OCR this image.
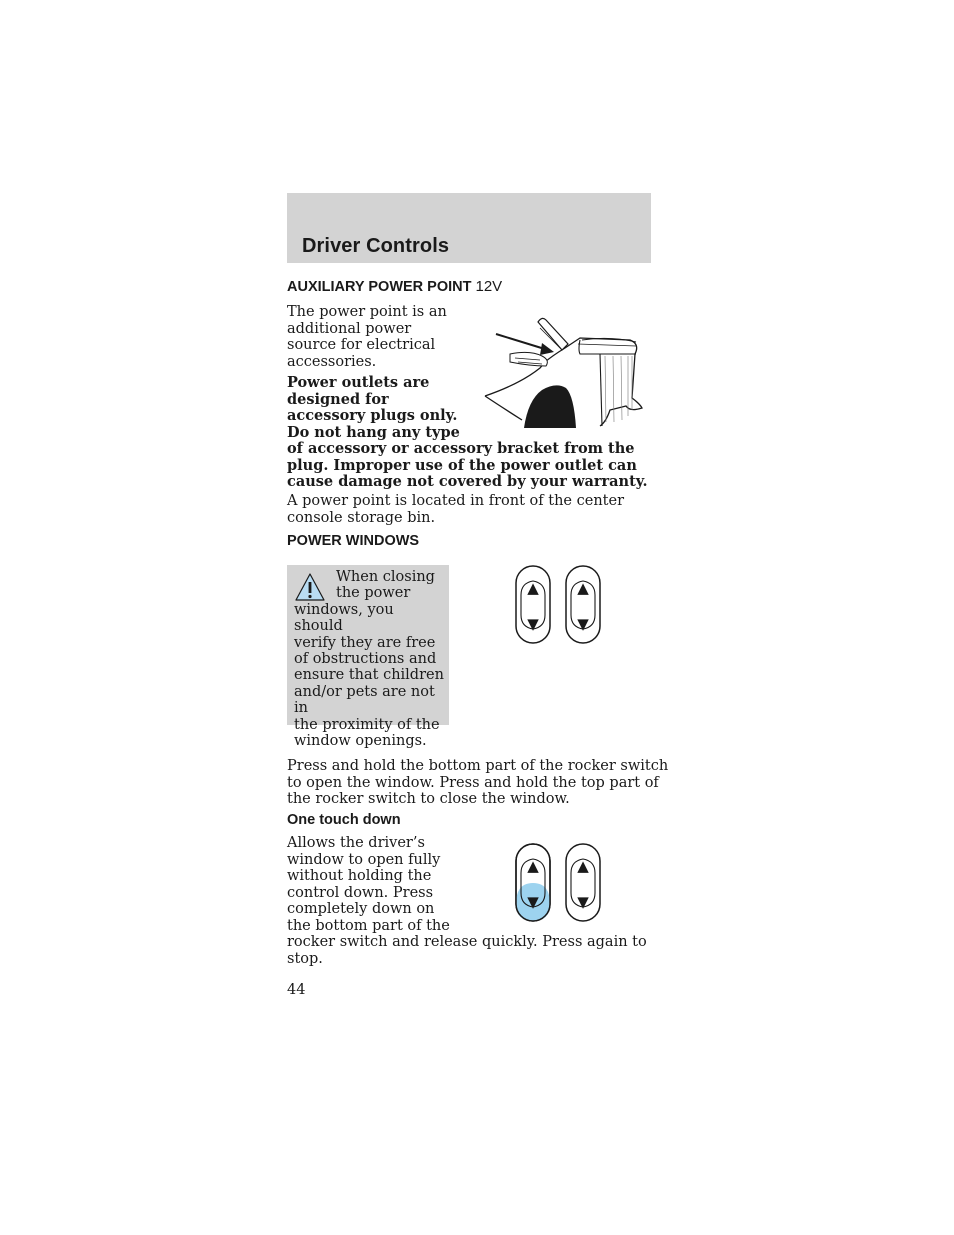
Driver Controls
AUXILIARY POWER POINT 12V

The power point is an
additional power
source for electrical
accessories.

Power outlets are
designed for
accessory plugs only.
Do not hang any type
of accessory or accessory bracket from the
plug. Improper use of the power outlet can
cause damage not covered by your warranty.

A power point is located in front of the center
console storage bin.

POWER WINDOWS

When closing
the power
windows, you should
verify they are free
of obstructions and
ensure that children
and/or pets are not in
the proximity of the
window openings.

▲
▼
▲
▼

Press and hold the bottom part of the rocker switch
to open the window. Press and hold the top part of
the rocker switch to close the window.

One touch down

Allows the driver’s
window to open fully
without holding the
control down. Press
completely down on
the bottom part of the
rocker switch and release quickly. Press again to
stop.

▲
▼
▲
▼

44
